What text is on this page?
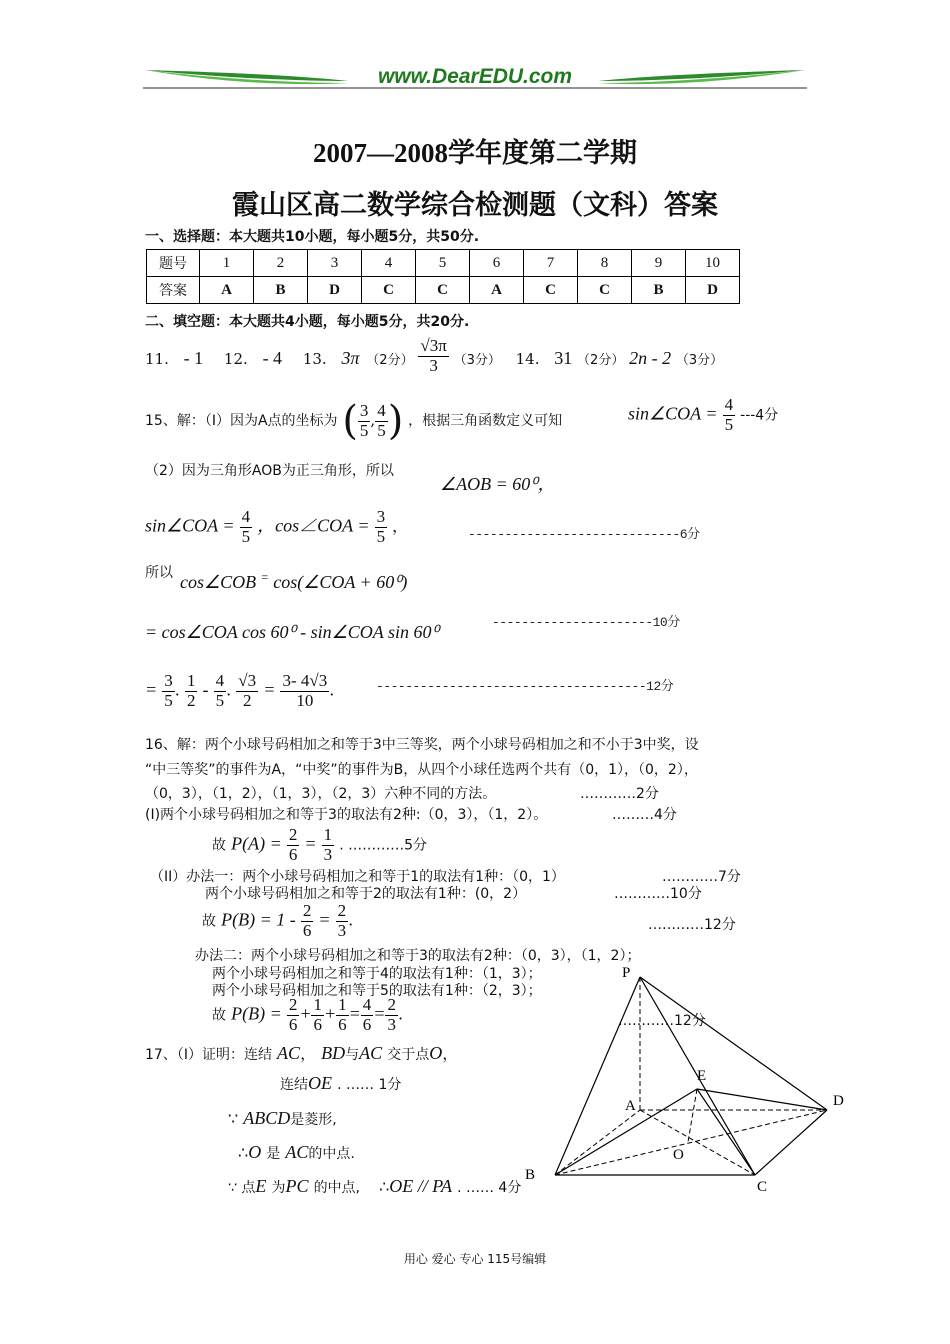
www.DearEDU.com
2007—2008学年度第二学期
霞山区高二数学综合检测题（文科）答案
一、选择题：本大题共10小题，每小题5分，共50分.
题号	1	2	3	4	5	6	7	8	9	10
答案	A	B	D	C	C	A	C	C	B	D
二、填空题：本大题共4小题，每小题5分，共20分.
11. - 1 12. - 4 13. 3π （2分） $\frac{√3\pi}{3} (3$分） 14. 31 （2分） 2n - 2 （3分）
15、解：（Ⅰ）因为A点的坐标为 ( $\frac{3}{5}$ , $\frac{4}{5}$ ) ，根据三角函数定义可知	sin∠COA = $\frac{4}{5} ---4$分
（2）因为三角形AOB为正三角形，所以
∠AOB = 60⁰，
sin∠COA = $\frac{4}{5}$ ，cos∠COA = $\frac{3}{5}$ ，	-----------------------------6分
所以 cos∠COB = cos(∠COA + 60⁰)
----------------------10分
= cos∠COA cos 60⁰ - sin∠COA sin 60⁰
= $\frac{3}{5}$ . $\frac{1}{2} - \frac{4}{5}$ . $\frac{√3}{2} = \frac{3- 4√3}{10}$ .	-------------------------------------12分
16、解：两个小球号码相加之和等于3中三等奖，两个小球号码相加之和不小于3中奖，设
“中三等奖”的事件为A，“中奖”的事件为B，从四个小球任选两个共有（0，1），（0，2），
（0，3），（1，2），（1，3），（2，3）六种不同的方法。	…………2分
(Ⅰ)两个小球号码相加之和等于3的取法有2种:（0，3），（1，2）。	………4分
故 $P(A) = \frac{2}{6} = \frac{1}{3}$ . …………5分
（II）办法一：两个小球号码相加之和等于1的取法有1种：（0，1）	…………7分
两个小球号码相加之和等于2的取法有1种：(0，2）	…………10分
故 $P(B) = 1 - \frac{2}{6} = \frac{2}{3}$ .	…………12分
办法二：两个小球号码相加之和等于3的取法有2种：（0，3），（1，2）；
两个小球号码相加之和等于4的取法有1种：（1，3）；
两个小球号码相加之和等于5的取法有1种：（2，3）；
故 $P(B) = \frac{2}{6} + \frac{1}{6} + \frac{1}{6} = \frac{4}{6} = \frac{2}{3}$ .	…………12分
17、（Ⅰ）证明：连结 AC， BD与AC 交于点O，
连结OE . …… 1分
∵ ABCD是菱形,
∴O 是 AC的中点.
∵ 点E 为PC 的中点, ∴OE // PA . …… 4分
P
E
A	D
O
B
C
用心 爱心 专心 115号编辑
